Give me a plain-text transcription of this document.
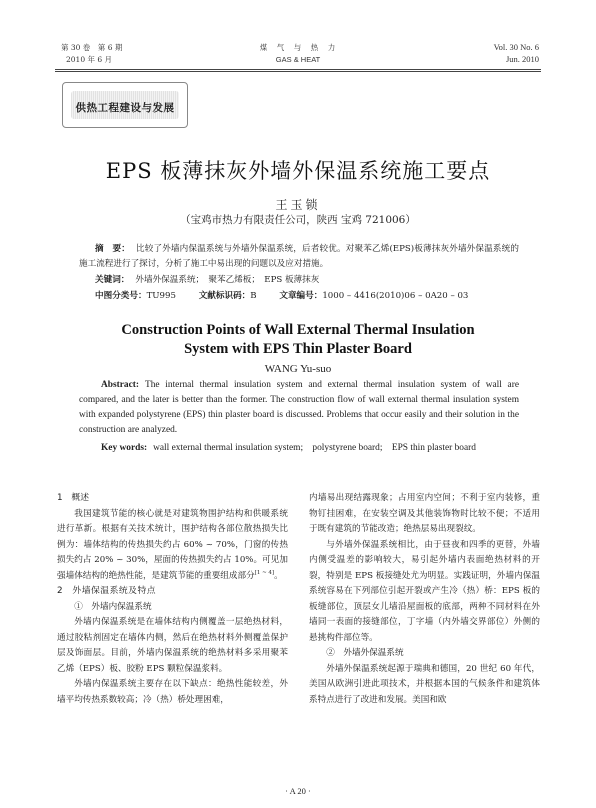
第 30 卷　第 6 期
2010 年 6 月
煤　气　与　热　力
GAS & HEAT
Vol. 30 No. 6
Jun. 2010
供热工程建设与发展
EPS 板薄抹灰外墙外保温系统施工要点
王玉锁
（宝鸡市热力有限责任公司，陕西 宝鸡 721006）
摘　要： 比较了外墙内保温系统与外墙外保温系统，后者较优。对聚苯乙烯(EPS)板薄抹灰外墙外保温系统的施工流程进行了探讨，分析了施工中易出现的问题以及应对措施。
关键词： 外墙外保温系统；　聚苯乙烯板；　EPS 板薄抹灰
中图分类号：TU995	文献标识码：B	文章编号：1000 – 4416(2010)06 – 0A20 – 03
Construction Points of Wall External Thermal Insulation
System with EPS Thin Plaster Board
WANG Yu-suo
Abstract: The internal thermal insulation system and external thermal insulation system of wall are compared, and the later is better than the former. The construction flow of wall external thermal insulation system with expanded polystyrene (EPS) thin plaster board is discussed. Problems that occur easily and their solution in the construction are analyzed.
Key words: wall external thermal insulation system;　polystyrene board;　EPS thin plaster board

1　概述

我国建筑节能的核心就是对建筑物围护结构和供暖系统进行革新。根据有关技术统计，围护结构各部位散热损失比例为：墙体结构的传热损失约占 60% ~ 70%，门窗的传热损失约占 20% ~ 30%，屋面的传热损失约占 10%。可见加强墙体结构的绝热性能，是建筑节能的重要组成部分[1 ~ 4]。

2　外墙保温系统及特点

①　外墙内保温系统

外墙内保温系统是在墙体结构内侧覆盖一层绝热材料，通过胶粘剂固定在墙体内侧，然后在绝热材料外侧覆盖保护层及饰面层。目前，外墙内保温系统的绝热材料多采用聚苯乙烯（EPS）板、胶粉 EPS 颗粒保温浆料。

外墙内保温系统主要存在以下缺点：绝热性能较差，外墙平均传热系数较高；冷（热）桥处理困难，

内墙易出现结露现象；占用室内空间；不利于室内装修，重物钉挂困难，在安装空调及其他装饰物时比较不便；不适用于既有建筑的节能改造；绝热层易出现裂纹。

与外墙外保温系统相比，由于昼夜和四季的更替，外墙内侧受温差的影响较大，易引起外墙内表面绝热材料的开裂，特别是 EPS 板接缝处尤为明显。实践证明，外墙内保温系统容易在下列部位引起开裂或产生冷（热）桥：EPS 板的板缝部位，顶层女儿墙沿屋面板的底部，两种不同材料在外墙同一表面的接缝部位，丁字墙（内外墙交界部位）外侧的悬挑构件部位等。

②　外墙外保温系统

外墙外保温系统起源于瑞典和德国，20 世纪 60 年代，美国从欧洲引进此项技术，并根据本国的气候条件和建筑体系特点进行了改进和发展。美国和欧

· A 20 ·
